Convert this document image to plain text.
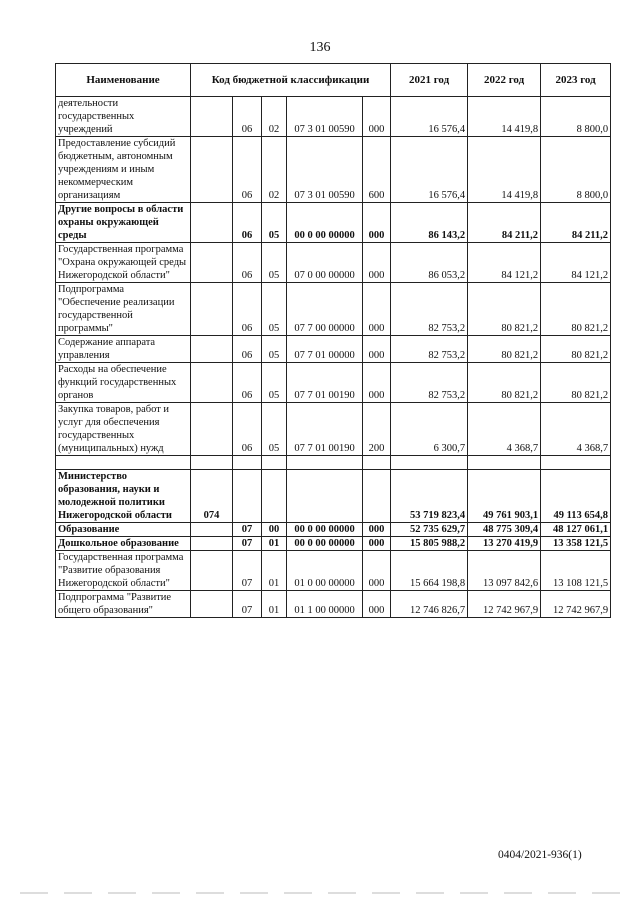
136
Наименование	Код бюджетной классификации					2021 год	2022 год	2023 год
деятельности государственных учреждений		06	02	07 3 01 00590	000	16 576,4	14 419,8	8 800,0
Предоставление субсидий бюджетным, автономным учреждениям и иным некоммерческим организациям		06	02	07 3 01 00590	600	16 576,4	14 419,8	8 800,0
Другие вопросы в области охраны окружающей среды		06	05	00 0 00 00000	000	86 143,2	84 211,2	84 211,2
Государственная программа "Охрана окружающей среды Нижегородской области"		06	05	07 0 00 00000	000	86 053,2	84 121,2	84 121,2
Подпрограмма "Обеспечение реализации государственной программы"		06	05	07 7 00 00000	000	82 753,2	80 821,2	80 821,2
Содержание аппарата управления		06	05	07 7 01 00000	000	82 753,2	80 821,2	80 821,2
Расходы на обеспечение функций государственных органов		06	05	07 7 01 00190	000	82 753,2	80 821,2	80 821,2
Закупка товаров, работ и услуг для обеспечения государственных (муниципальных) нужд		06	05	07 7 01 00190	200	6 300,7	4 368,7	4 368,7

Министерство образования, науки и молодежной политики Нижегородской области	074					53 719 823,4	49 761 903,1	49 113 654,8
Образование		07	00	00 0 00 00000	000	52 735 629,7	48 775 309,4	48 127 061,1
Дошкольное образование		07	01	00 0 00 00000	000	15 805 988,2	13 270 419,9	13 358 121,5
Государственная программа "Развитие образования Нижегородской области"		07	01	01 0 00 00000	000	15 664 198,8	13 097 842,6	13 108 121,5
Подпрограмма "Развитие общего образования"		07	01	01 1 00 00000	000	12 746 826,7	12 742 967,9	12 742 967,9
0404/2021-936(1)
